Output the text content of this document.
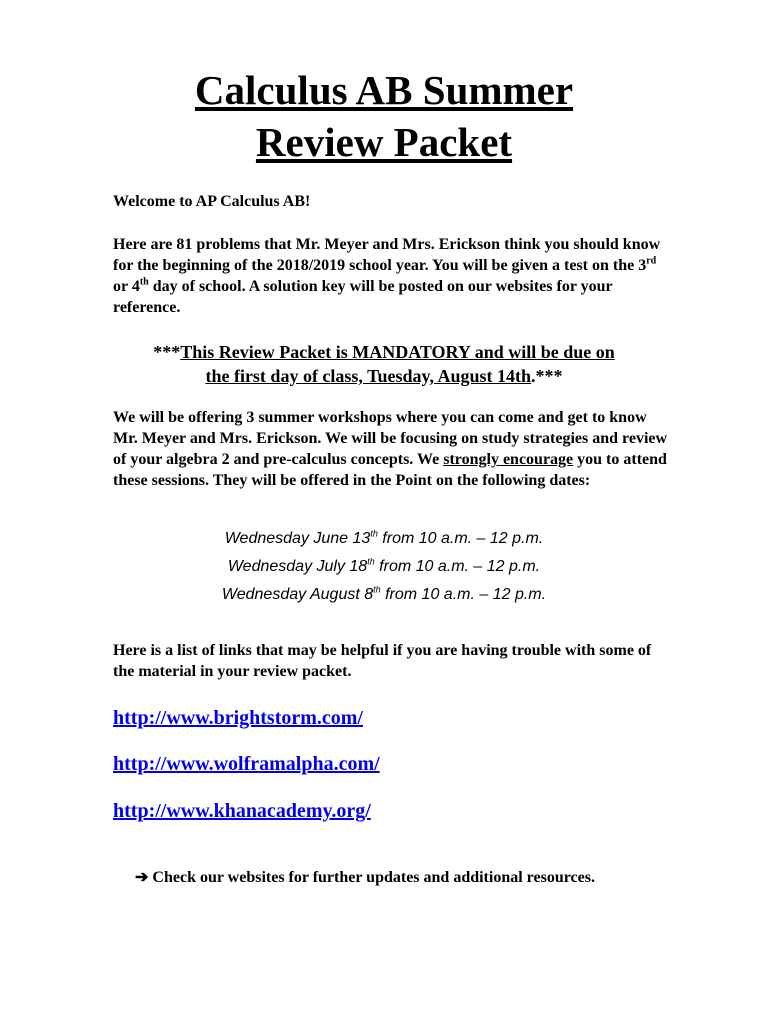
Calculus AB Summer
Review Packet
Welcome to AP Calculus AB!
Here are 81 problems that Mr. Meyer and Mrs. Erickson think you should know for the beginning of the 2018/2019 school year. You will be given a test on the 3rd or 4th day of school. A solution key will be posted on our websites for your reference.
***This Review Packet is MANDATORY and will be due on
the first day of class, Tuesday, August 14th.***
We will be offering 3 summer workshops where you can come and get to know Mr. Meyer and Mrs. Erickson. We will be focusing on study strategies and review of your algebra 2 and pre-calculus concepts. We strongly encourage you to attend these sessions. They will be offered in the Point on the following dates:
Wednesday June 13th from 10 a.m. – 12 p.m.
Wednesday July 18th from 10 a.m. – 12 p.m.
Wednesday August 8th from 10 a.m. – 12 p.m.
Here is a list of links that may be helpful if you are having trouble with some of the material in your review packet.
http://www.brightstorm.com/
http://www.wolframalpha.com/
http://www.khanacademy.org/
➔ Check our websites for further updates and additional resources.
